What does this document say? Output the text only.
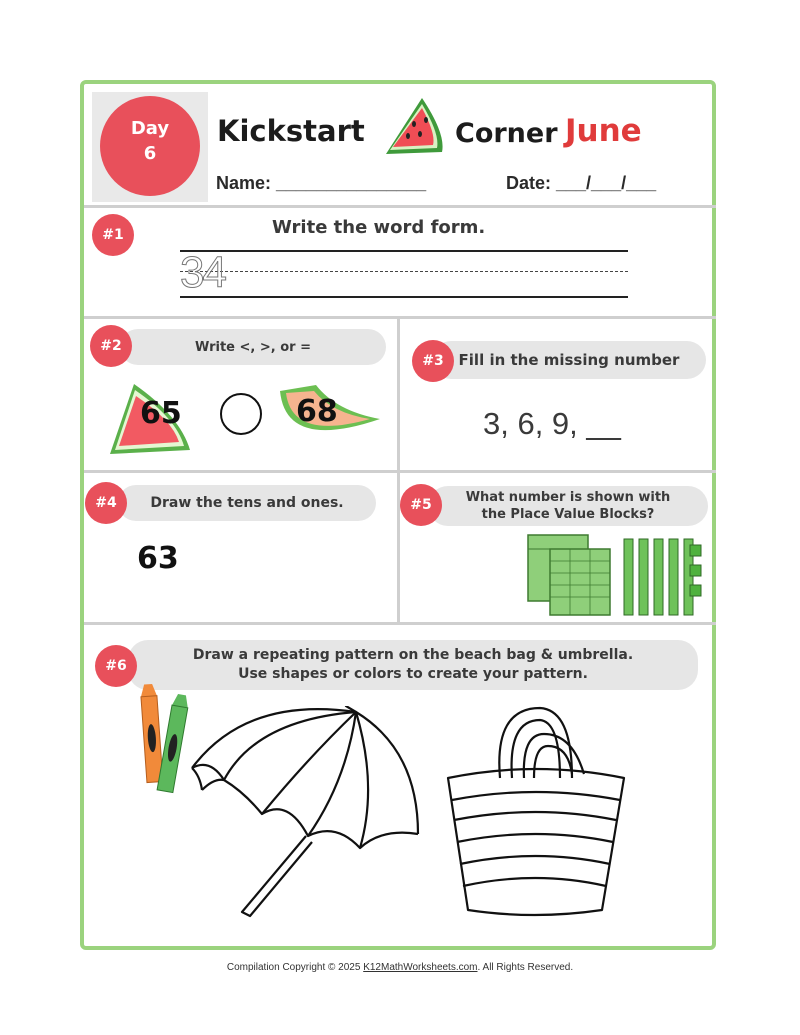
Day
6
Kickstart	Corner June
Name: _______________	Date: ___/___/___
#1	Write the word form.
34
Write <, >, or =
#2
65	68
Fill in the missing number
#3
3, 6, 9, __
Draw the tens and ones.
#4
63
What number is shown with
the Place Value Blocks?
#5
Draw a repeating pattern on the beach bag & umbrella.
Use shapes or colors to create your pattern.
#6
Compilation Copyright © 2025 K12MathWorksheets.com. All Rights Reserved.
